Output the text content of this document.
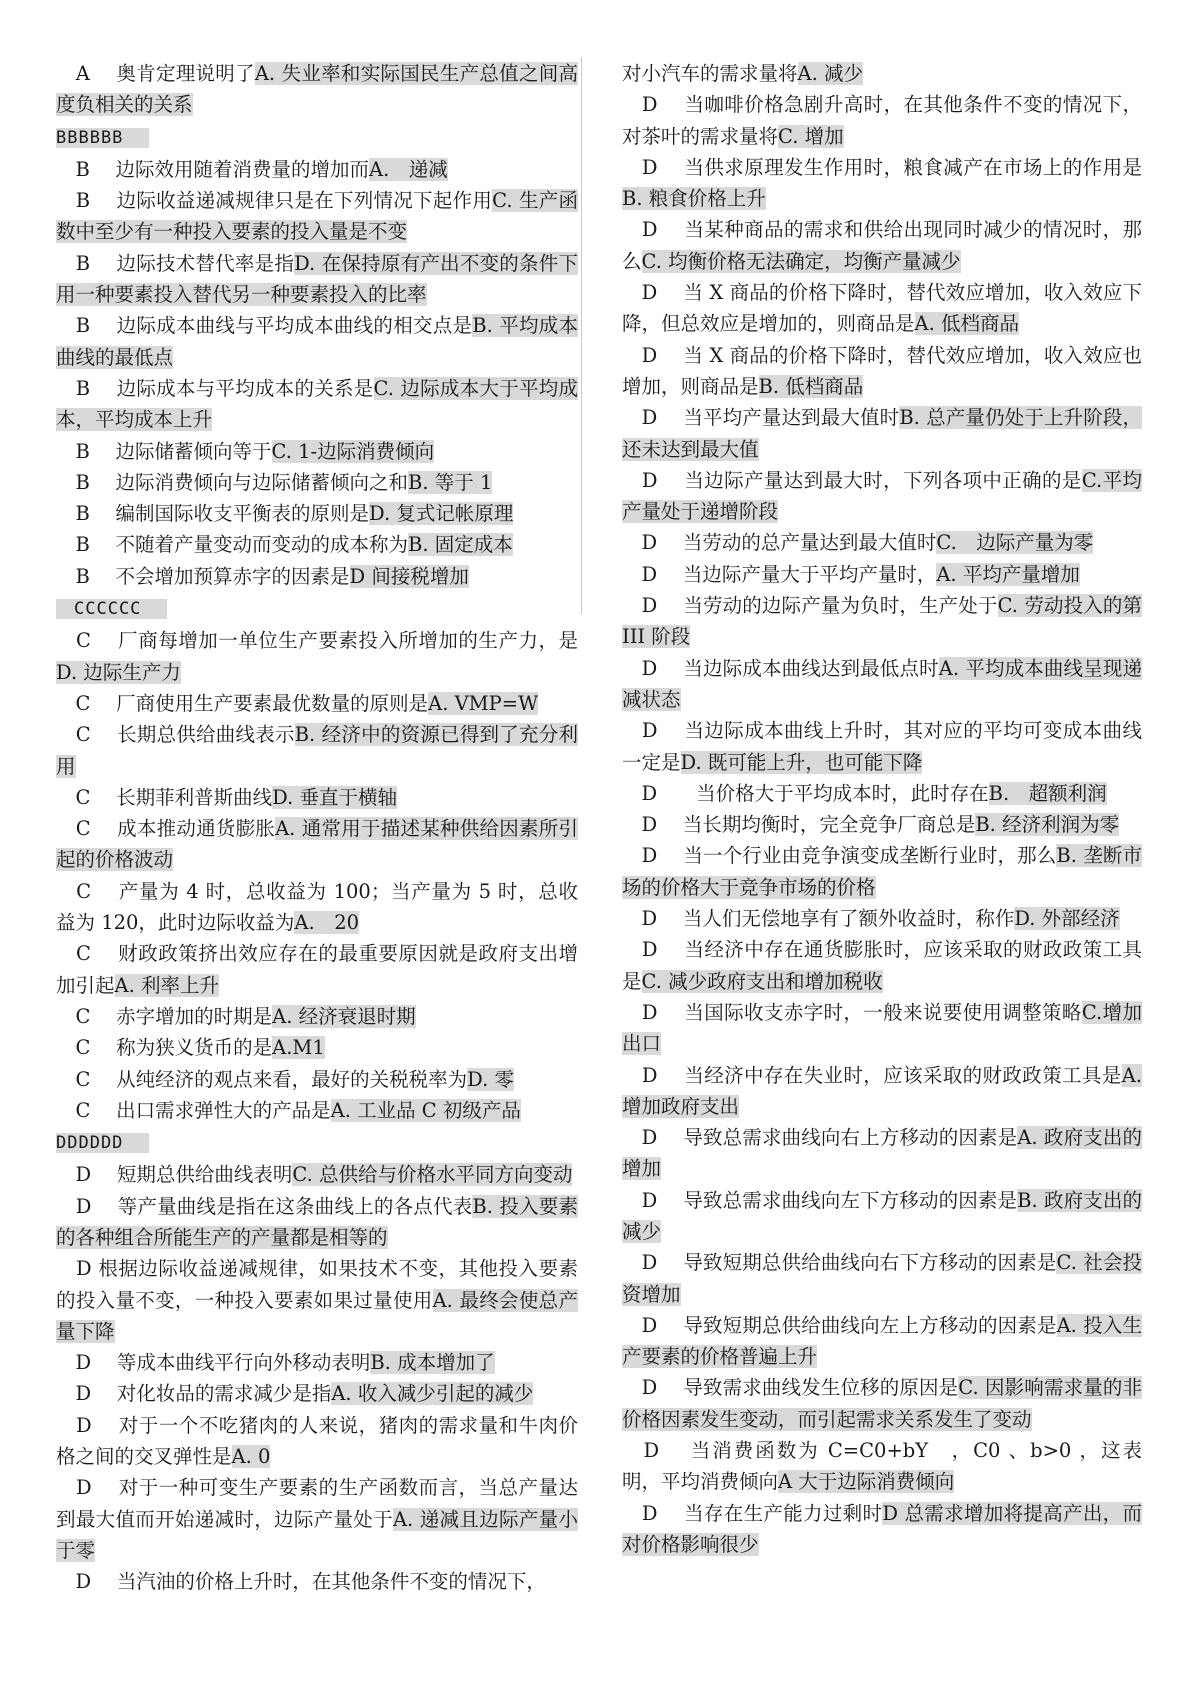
　A　 奥肯定理说明了A. 失业率和实际国民生产总值之间高度负相关的关系

BBBBBB

　B　 边际效用随着消费量的增加而A.　递减

　B　 边际收益递减规律只是在下列情况下起作用C. 生产函数中至少有一种投入要素的投入量是不变

　B　 边际技术替代率是指D. 在保持原有产出不变的条件下用一种要素投入替代另一种要素投入的比率

　B　 边际成本曲线与平均成本曲线的相交点是B. 平均成本曲线的最低点

　B　 边际成本与平均成本的关系是C. 边际成本大于平均成本，平均成本上升

　B　 边际储蓄倾向等于C. 1-边际消费倾向

　B　 边际消费倾向与边际储蓄倾向之和B. 等于 1

　B　 编制国际收支平衡表的原则是D. 复式记帐原理

　B　 不随着产量变动而变动的成本称为B. 固定成本

　B　 不会增加预算赤字的因素是D 间接税增加

　CCCCCC

　C　 厂商每增加一单位生产要素投入所增加的生产力，是D. 边际生产力

　C　 厂商使用生产要素最优数量的原则是A. VMP=W

　C　 长期总供给曲线表示B. 经济中的资源已得到了充分利用

　C　 长期菲利普斯曲线D. 垂直于横轴

　C　 成本推动通货膨胀A. 通常用于描述某种供给因素所引起的价格波动

　C　 产量为 4 时，总收益为 100；当产量为 5 时，总收益为 120，此时边际收益为A.　20

　C　 财政政策挤出效应存在的最重要原因就是政府支出增加引起A. 利率上升

　C　 赤字增加的时期是A. 经济衰退时期

　C　 称为狭义货币的是A.M1

　C　 从纯经济的观点来看，最好的关税税率为D. 零

　C　 出口需求弹性大的产品是A. 工业品 C 初级产品

DDDDDD

　D　 短期总供给曲线表明C. 总供给与价格水平同方向变动

　D　 等产量曲线是指在这条曲线上的各点代表B. 投入要素的各种组合所能生产的产量都是相等的

　D 根据边际收益递减规律，如果技术不变，其他投入要素的投入量不变，一种投入要素如果过量使用A. 最终会使总产量下降

　D　 等成本曲线平行向外移动表明B. 成本增加了

　D　 对化妆品的需求减少是指A. 收入减少引起的减少

　D　 对于一个不吃猪肉的人来说，猪肉的需求量和牛肉价格之间的交叉弹性是A. 0

　D　 对于一种可变生产要素的生产函数而言，当总产量达到最大值而开始递减时，边际产量处于A. 递减且边际产量小于零

　D　 当汽油的价格上升时，在其他条件不变的情况下，

对小汽车的需求量将A. 减少

　D　 当咖啡价格急剧升高时，在其他条件不变的情况下，对茶叶的需求量将C. 增加

　D　 当供求原理发生作用时，粮食减产在市场上的作用是B. 粮食价格上升

　D　 当某种商品的需求和供给出现同时减少的情况时，那么C. 均衡价格无法确定，均衡产量减少

　D　 当 X 商品的价格下降时，替代效应增加，收入效应下降，但总效应是增加的，则商品是A. 低档商品

　D　 当 X 商品的价格下降时，替代效应增加，收入效应也增加，则商品是B. 低档商品

　D　 当平均产量达到最大值时B. 总产量仍处于上升阶段，还未达到最大值

　D　 当边际产量达到最大时，下列各项中正确的是C.平均产量处于递增阶段

　D　 当劳动的总产量达到最大值时C.　边际产量为零

　D　 当边际产量大于平均产量时，A. 平均产量增加

　D　 当劳动的边际产量为负时，生产处于C. 劳动投入的第 III 阶段

　D　 当边际成本曲线达到最低点时A. 平均成本曲线呈现递减状态

　D　 当边际成本曲线上升时，其对应的平均可变成本曲线一定是D. 既可能上升，也可能下降

　D　　当价格大于平均成本时，此时存在B.　超额利润

　D　 当长期均衡时，完全竞争厂商总是B. 经济利润为零

　D　 当一个行业由竞争演变成垄断行业时，那么B. 垄断市场的价格大于竞争市场的价格

　D　 当人们无偿地享有了额外收益时，称作D. 外部经济

　D　 当经济中存在通货膨胀时，应该采取的财政政策工具是C. 减少政府支出和增加税收

　D　 当国际收支赤字时，一般来说要使用调整策略C.增加出口

　D　 当经济中存在失业时，应该采取的财政政策工具是A. 增加政府支出

　D　 导致总需求曲线向右上方移动的因素是A. 政府支出的增加

　D　 导致总需求曲线向左下方移动的因素是B. 政府支出的减少

　D　 导致短期总供给曲线向右下方移动的因素是C. 社会投资增加

　D　 导致短期总供给曲线向左上方移动的因素是A. 投入生产要素的价格普遍上升

　D　 导致需求曲线发生位移的原因是C. 因影响需求量的非价格因素发生变动，而引起需求关系发生了变动

　D　 当消费函数为 C=C0+bY　，C0 、b>0 ，这表明，平均消费倾向A 大于边际消费倾向

　D　 当存在生产能力过剩时D 总需求增加将提高产出，而对价格影响很少
